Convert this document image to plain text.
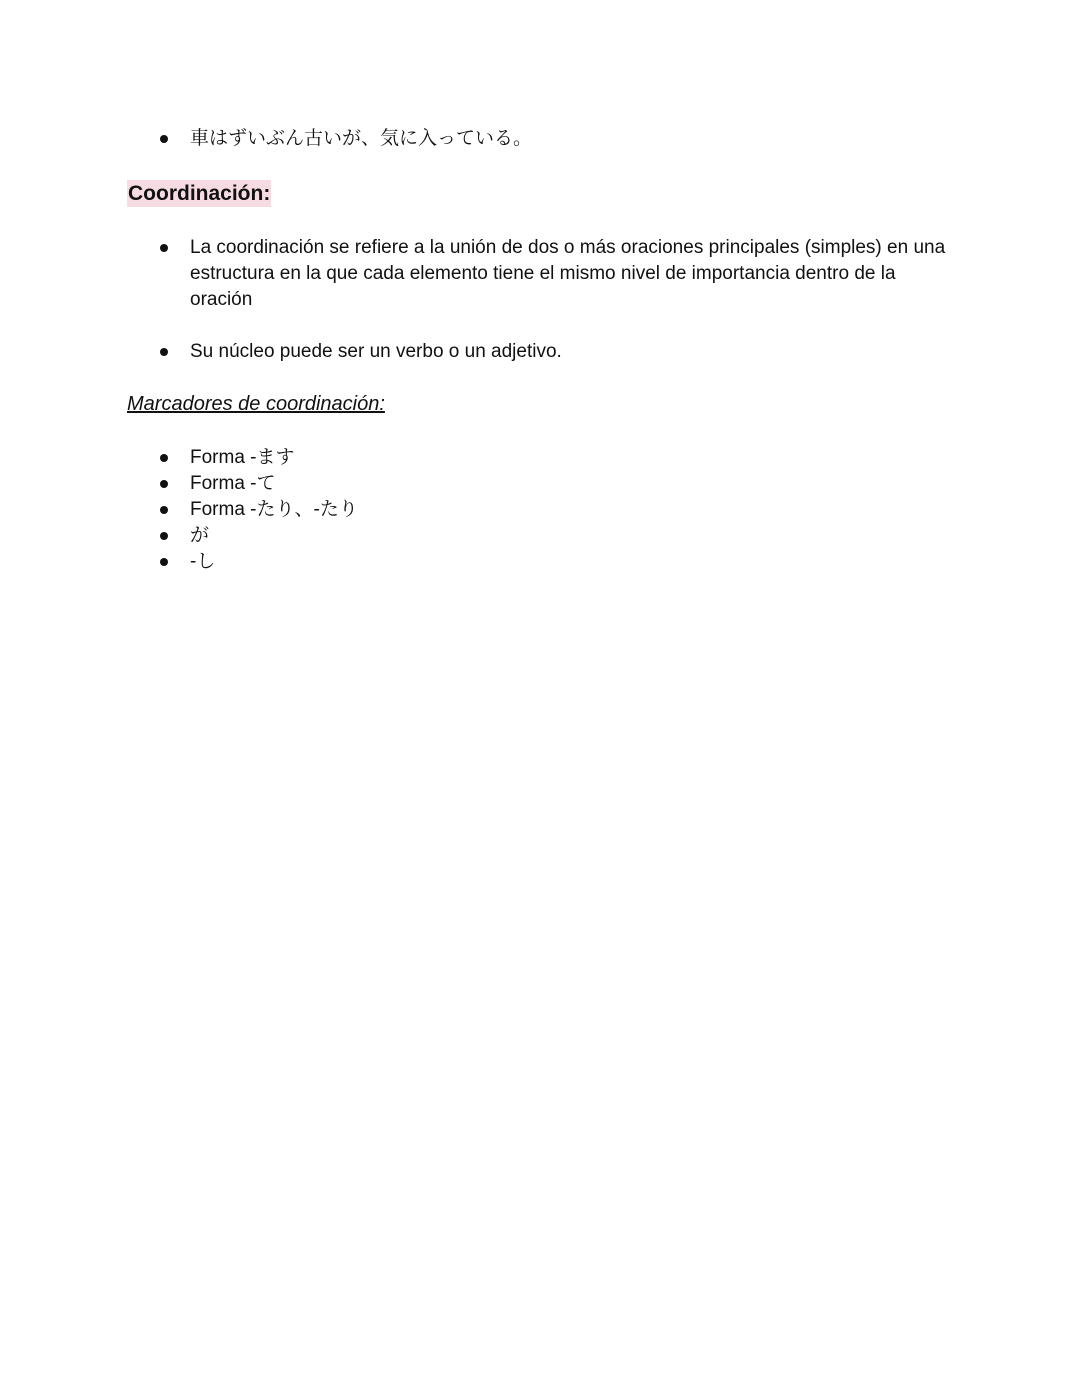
車はずいぶん古いが、気に入っている。
Coordinación:
La coordinación se refiere a la unión de dos o más oraciones principales (simples) en una estructura en la que cada elemento tiene el mismo nivel de importancia dentro de la oración
Su núcleo puede ser un verbo o un adjetivo.
Marcadores de coordinación:
Forma -ます
Forma -て
Forma -たり、-たり
が
-し
